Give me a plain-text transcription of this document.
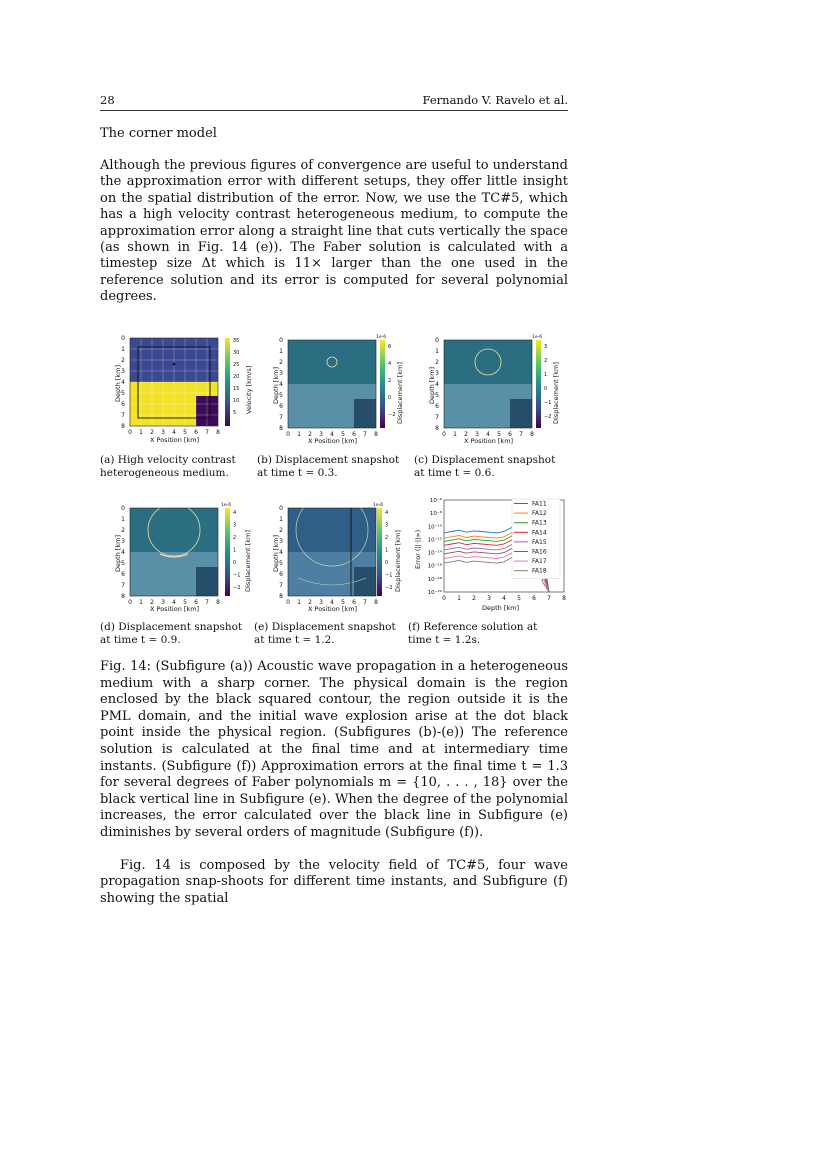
28	Fernando V. Ravelo et al.
The corner model

Although the previous figures of convergence are useful to understand the approximation error with different setups, they offer little insight on the spatial distribution of the error. Now, we use the TC#5, which has a high velocity contrast heterogeneous medium, to compute the approximation error along a straight line that cuts vertically the space (as shown in Fig. 14 (e)). The Faber solution is calculated with a timestep size Δt which is 11× larger than the one used in the reference solution and its error is computed for several polynomial degrees.

Depth [km]
X Position [km]
0
1
2
3
4
5
6
7
8
0 1 2 3 4 5 6 7 8
35
30
25
20
15
10
5 Velocity [km/s]	Depth [km]
X Position [km]
0
1
2
3
4
5
6
7
8
0 1 2 3 4 5 6 7 8
1e-6
6
4
2
0
−2 Displacement [km]	Depth [km]
X Position [km]
0
1
2
3
4
5
6
7
8
0 1 2 3 4 5 6 7 8
1e-6
3
2
1
0
−1
−2 Displacement [km]
(a) High velocity contrast heterogeneous medium.
(b) Displacement snapshot at time t = 0.3.
(c) Displacement snapshot at time t = 0.6.
Depth [km]
X Position [km]
0
1
2
3
4
5
6
7
8
0 1 2 3 4 5 6 7 8
1e-6
4
3
2
1
0
−1
−2 Displacement [km]	Depth [km]
X Position [km]
0
1
2
3
4
5
6
7
8
0 1 2 3 4 5 6 7 8
1e-6
4
3
2
1
0
−1
−2 Displacement [km]
10⁻⁶
10⁻⁸
10⁻¹⁰
10⁻¹²
10⁻¹⁴
10⁻¹⁶
10⁻¹⁸
10⁻²⁰
0 1 2 3 4 5 6 7 8
FA11
FA12
FA13
FA14
FA15
FA16
FA17
FA18
Depth [km]
Error (||·||∞)
(d) Displacement snapshot at time t = 0.9.
(e) Displacement snapshot at time t = 1.2.
(f) Reference solution at time t = 1.2s.

Fig. 14: (Subfigure (a)) Acoustic wave propagation in a heterogeneous medium with a sharp corner. The physical domain is the region enclosed by the black squared contour, the region outside it is the PML domain, and the initial wave explosion arise at the dot black point inside the physical region. (Subfigures (b)-(e)) The reference solution is calculated at the final time and at intermediary time instants. (Subfigure (f)) Approximation errors at the final time t = 1.3 for several degrees of Faber polynomials m = {10, . . . , 18} over the black vertical line in Subfigure (e). When the degree of the polynomial increases, the error calculated over the black line in Subfigure (e) diminishes by several orders of magnitude (Subfigure (f)).

Fig. 14 is composed by the velocity field of TC#5, four wave propagation snap-shoots for different time instants, and Subfigure (f) showing the spatial
